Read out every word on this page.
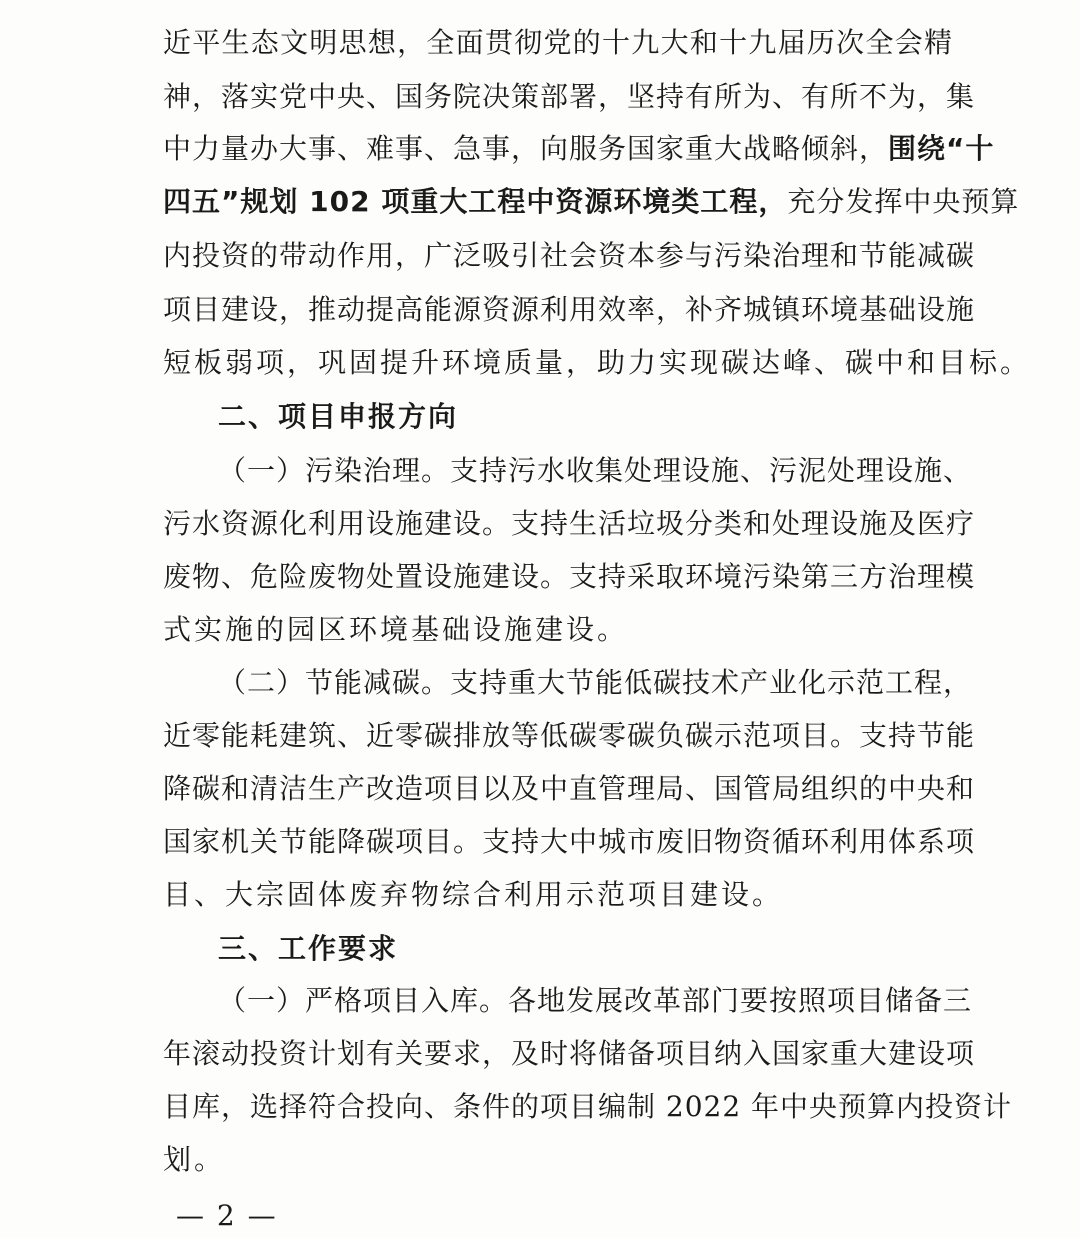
近平生态文明思想，全面贯彻党的十九大和十九届历次全会精
神，落实党中央、国务院决策部署，坚持有所为、有所不为，集
中力量办大事、难事、急事，向服务国家重大战略倾斜，围绕“十
四五”规划 102 项重大工程中资源环境类工程，充分发挥中央预算
内投资的带动作用，广泛吸引社会资本参与污染治理和节能减碳
项目建设，推动提高能源资源利用效率，补齐城镇环境基础设施
短板弱项，巩固提升环境质量，助力实现碳达峰、碳中和目标。
二、项目申报方向
（一）污染治理。支持污水收集处理设施、污泥处理设施、
污水资源化利用设施建设。支持生活垃圾分类和处理设施及医疗
废物、危险废物处置设施建设。支持采取环境污染第三方治理模
式实施的园区环境基础设施建设。
（二）节能减碳。支持重大节能低碳技术产业化示范工程，
近零能耗建筑、近零碳排放等低碳零碳负碳示范项目。支持节能
降碳和清洁生产改造项目以及中直管理局、国管局组织的中央和
国家机关节能降碳项目。支持大中城市废旧物资循环利用体系项
目、大宗固体废弃物综合利用示范项目建设。
三、工作要求
（一）严格项目入库。各地发展改革部门要按照项目储备三
年滚动投资计划有关要求，及时将储备项目纳入国家重大建设项
目库，选择符合投向、条件的项目编制 2022 年中央预算内投资计
划。
— 2 —
